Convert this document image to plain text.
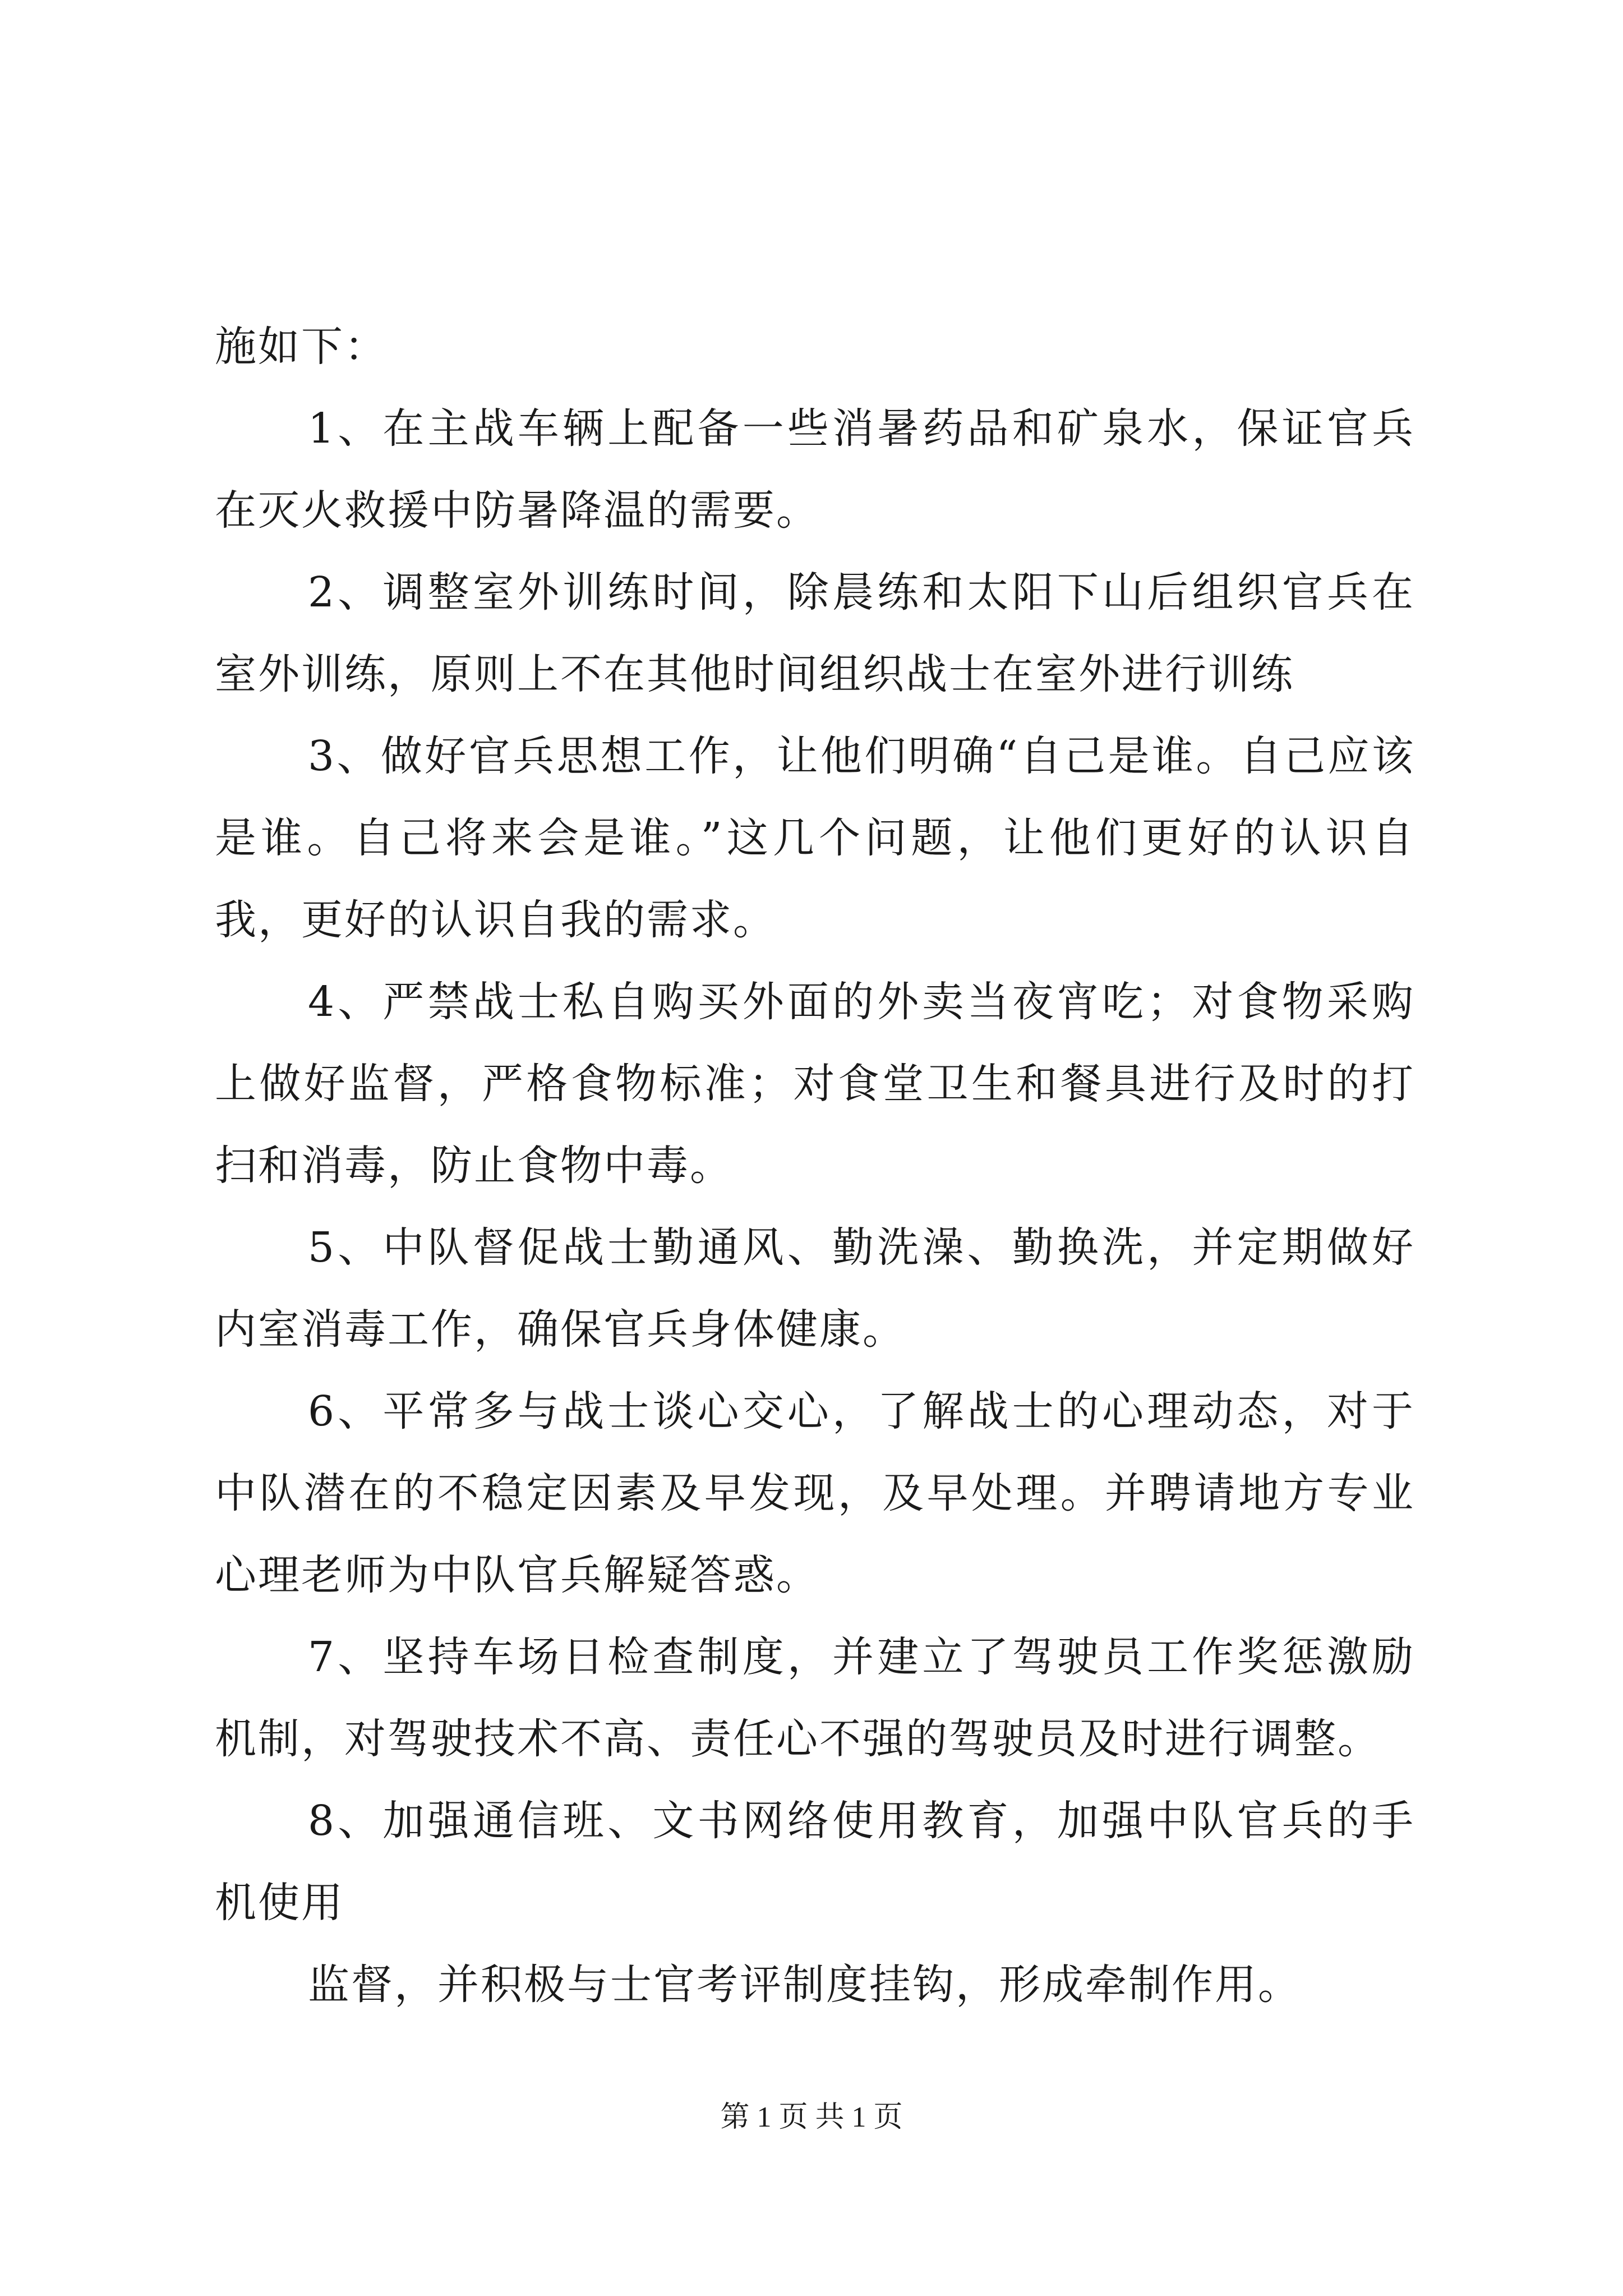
施如下：

1、在主战车辆上配备一些消暑药品和矿泉水，保证官兵在灭火救援中防暑降温的需要。

2、调整室外训练时间，除晨练和太阳下山后组织官兵在室外训练，原则上不在其他时间组织战士在室外进行训练

3、做好官兵思想工作，让他们明确“自己是谁。自己应该是谁。自己将来会是谁。”这几个问题，让他们更好的认识自我，更好的认识自我的需求。

4、严禁战士私自购买外面的外卖当夜宵吃；对食物采购上做好监督，严格食物标准；对食堂卫生和餐具进行及时的打扫和消毒，防止食物中毒。

5、中队督促战士勤通风、勤洗澡、勤换洗，并定期做好内室消毒工作，确保官兵身体健康。

6、平常多与战士谈心交心，了解战士的心理动态，对于中队潜在的不稳定因素及早发现，及早处理。并聘请地方专业心理老师为中队官兵解疑答惑。

7、坚持车场日检查制度，并建立了驾驶员工作奖惩激励机制，对驾驶技术不高、责任心不强的驾驶员及时进行调整。

8、加强通信班、文书网络使用教育，加强中队官兵的手机使用

监督，并积极与士官考评制度挂钩，形成牵制作用。

第 1 页 共 1 页
